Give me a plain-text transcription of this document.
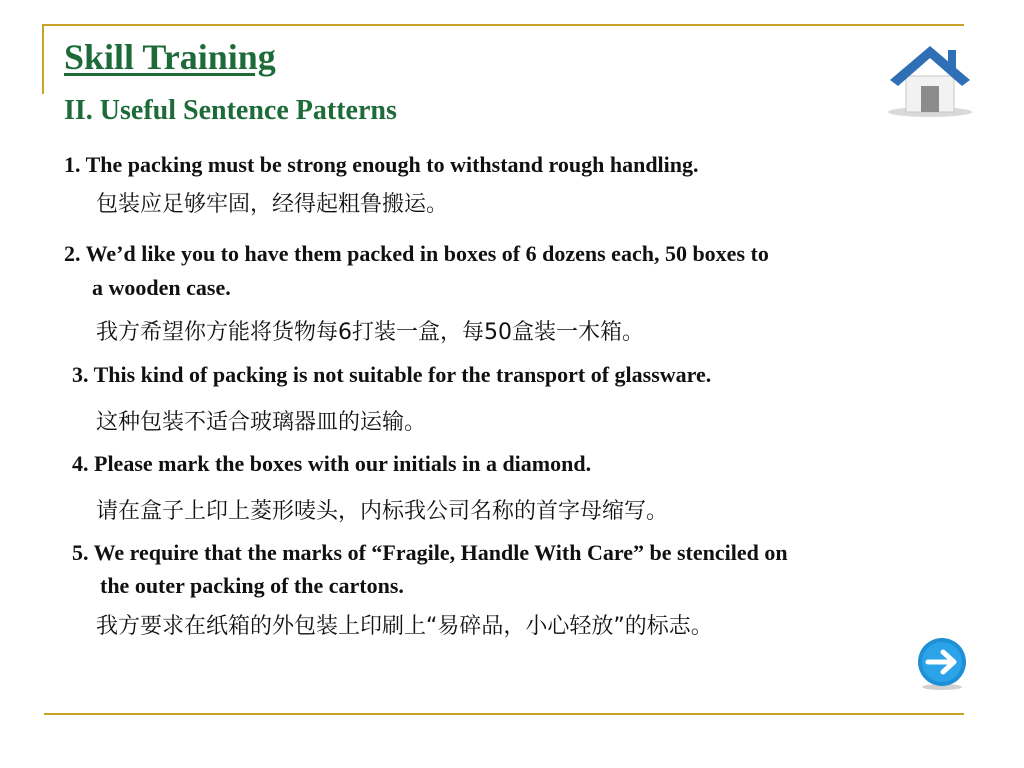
Skill Training
II. Useful Sentence Patterns
1. The packing must be strong enough to withstand rough handling.
包装应足够牢固，经得起粗鲁搬运。
2. We’d like you to have them packed in boxes of 6 dozens each, 50 boxes to
a wooden case.
我方希望你方能将货物每6打装一盒，每50盒装一木箱。
3. This kind of packing is not suitable for the transport of glassware.
这种包装不适合玻璃器皿的运输。
4. Please mark the boxes with our initials in a diamond.
请在盒子上印上菱形唛头，内标我公司名称的首字母缩写。
5. We require that the marks of “Fragile, Handle With Care” be stenciled on
the outer packing of the cartons.
我方要求在纸箱的外包装上印刷上“易碎品，小心轻放”的标志。
